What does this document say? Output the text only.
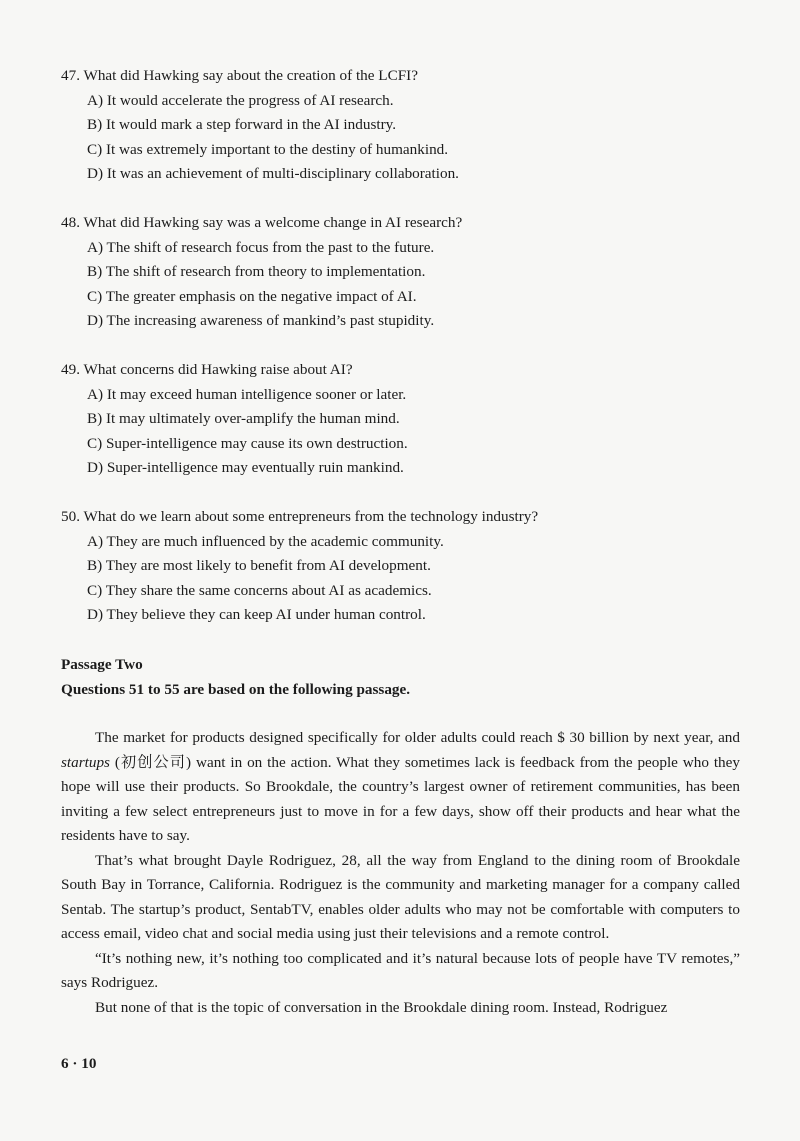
47. What did Hawking say about the creation of the LCFI?
A) It would accelerate the progress of AI research.
B) It would mark a step forward in the AI industry.
C) It was extremely important to the destiny of humankind.
D) It was an achievement of multi-disciplinary collaboration.
48. What did Hawking say was a welcome change in AI research?
A) The shift of research focus from the past to the future.
B) The shift of research from theory to implementation.
C) The greater emphasis on the negative impact of AI.
D) The increasing awareness of mankind’s past stupidity.
49. What concerns did Hawking raise about AI?
A) It may exceed human intelligence sooner or later.
B) It may ultimately over-amplify the human mind.
C) Super-intelligence may cause its own destruction.
D) Super-intelligence may eventually ruin mankind.
50. What do we learn about some entrepreneurs from the technology industry?
A) They are much influenced by the academic community.
B) They are most likely to benefit from AI development.
C) They share the same concerns about AI as academics.
D) They believe they can keep AI under human control.
Passage Two
Questions 51 to 55 are based on the following passage.

The market for products designed specifically for older adults could reach $ 30 billion by next year, and startups (初创公司) want in on the action. What they sometimes lack is feedback from the people who they hope will use their products. So Brookdale, the country’s largest owner of retirement communities, has been inviting a few select entrepreneurs just to move in for a few days, show off their products and hear what the residents have to say.

That’s what brought Dayle Rodriguez, 28, all the way from England to the dining room of Brookdale South Bay in Torrance, California. Rodriguez is the community and marketing manager for a company called Sentab. The startup’s product, SentabTV, enables older adults who may not be comfortable with computers to access email, video chat and social media using just their televisions and a remote control.

“It’s nothing new, it’s nothing too complicated and it’s natural because lots of people have TV remotes,” says Rodriguez.

But none of that is the topic of conversation in the Brookdale dining room. Instead, Rodriguez

6 · 10
